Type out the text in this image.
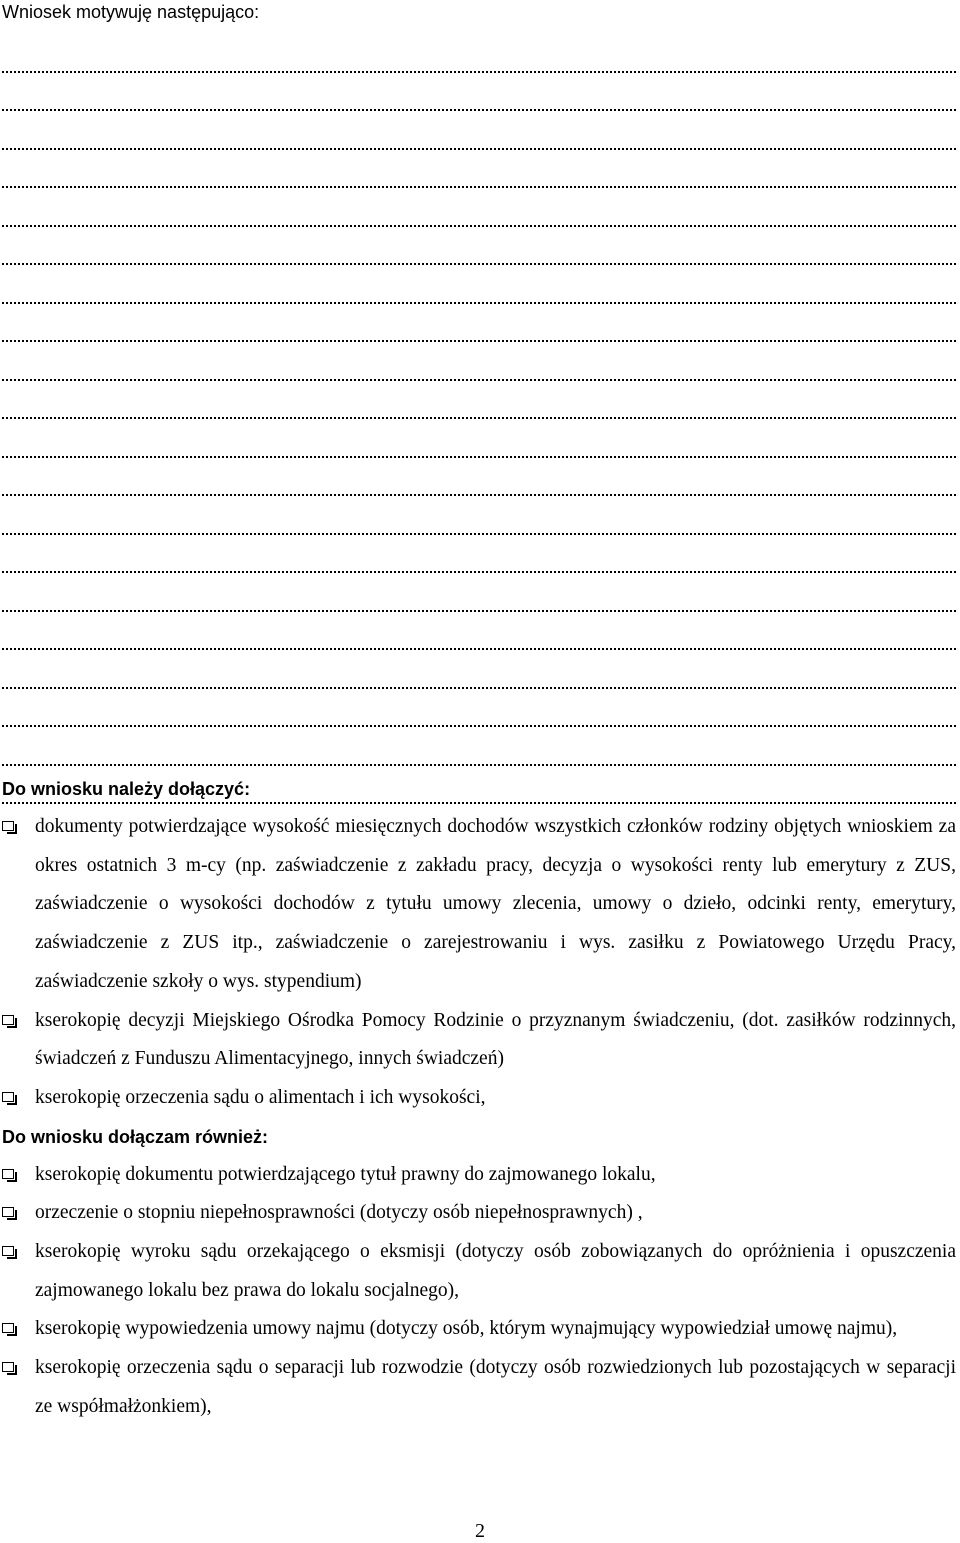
Wniosek motywuję następująco:
Do wniosku należy dołączyć:
dokumenty potwierdzające wysokość miesięcznych dochodów wszystkich członków rodziny objętych wnioskiem za okres ostatnich 3 m-cy (np. zaświadczenie z zakładu pracy, decyzja o wysokości renty lub emerytury z ZUS, zaświadczenie o wysokości dochodów z tytułu umowy zlecenia, umowy o dzieło, odcinki renty, emerytury, zaświadczenie z ZUS itp., zaświadczenie o zarejestrowaniu i wys. zasiłku z Powiatowego Urzędu Pracy, zaświadczenie szkoły o wys. stypendium)
kserokopię decyzji Miejskiego Ośrodka Pomocy Rodzinie o przyznanym świadczeniu, (dot. zasiłków rodzinnych, świadczeń z Funduszu Alimentacyjnego, innych świadczeń)
kserokopię orzeczenia sądu o alimentach i ich wysokości,
Do wniosku dołączam również:
kserokopię dokumentu potwierdzającego tytuł prawny do zajmowanego lokalu,
orzeczenie o stopniu niepełnosprawności (dotyczy osób niepełnosprawnych) ,
kserokopię wyroku sądu orzekającego o eksmisji (dotyczy osób zobowiązanych do opróżnienia i opuszczenia zajmowanego lokalu bez prawa do lokalu socjalnego),
kserokopię wypowiedzenia umowy najmu (dotyczy osób, którym wynajmujący wypowiedział umowę najmu),
kserokopię orzeczenia sądu o separacji lub rozwodzie (dotyczy osób rozwiedzionych lub pozostających w separacji ze współmałżonkiem),
2
